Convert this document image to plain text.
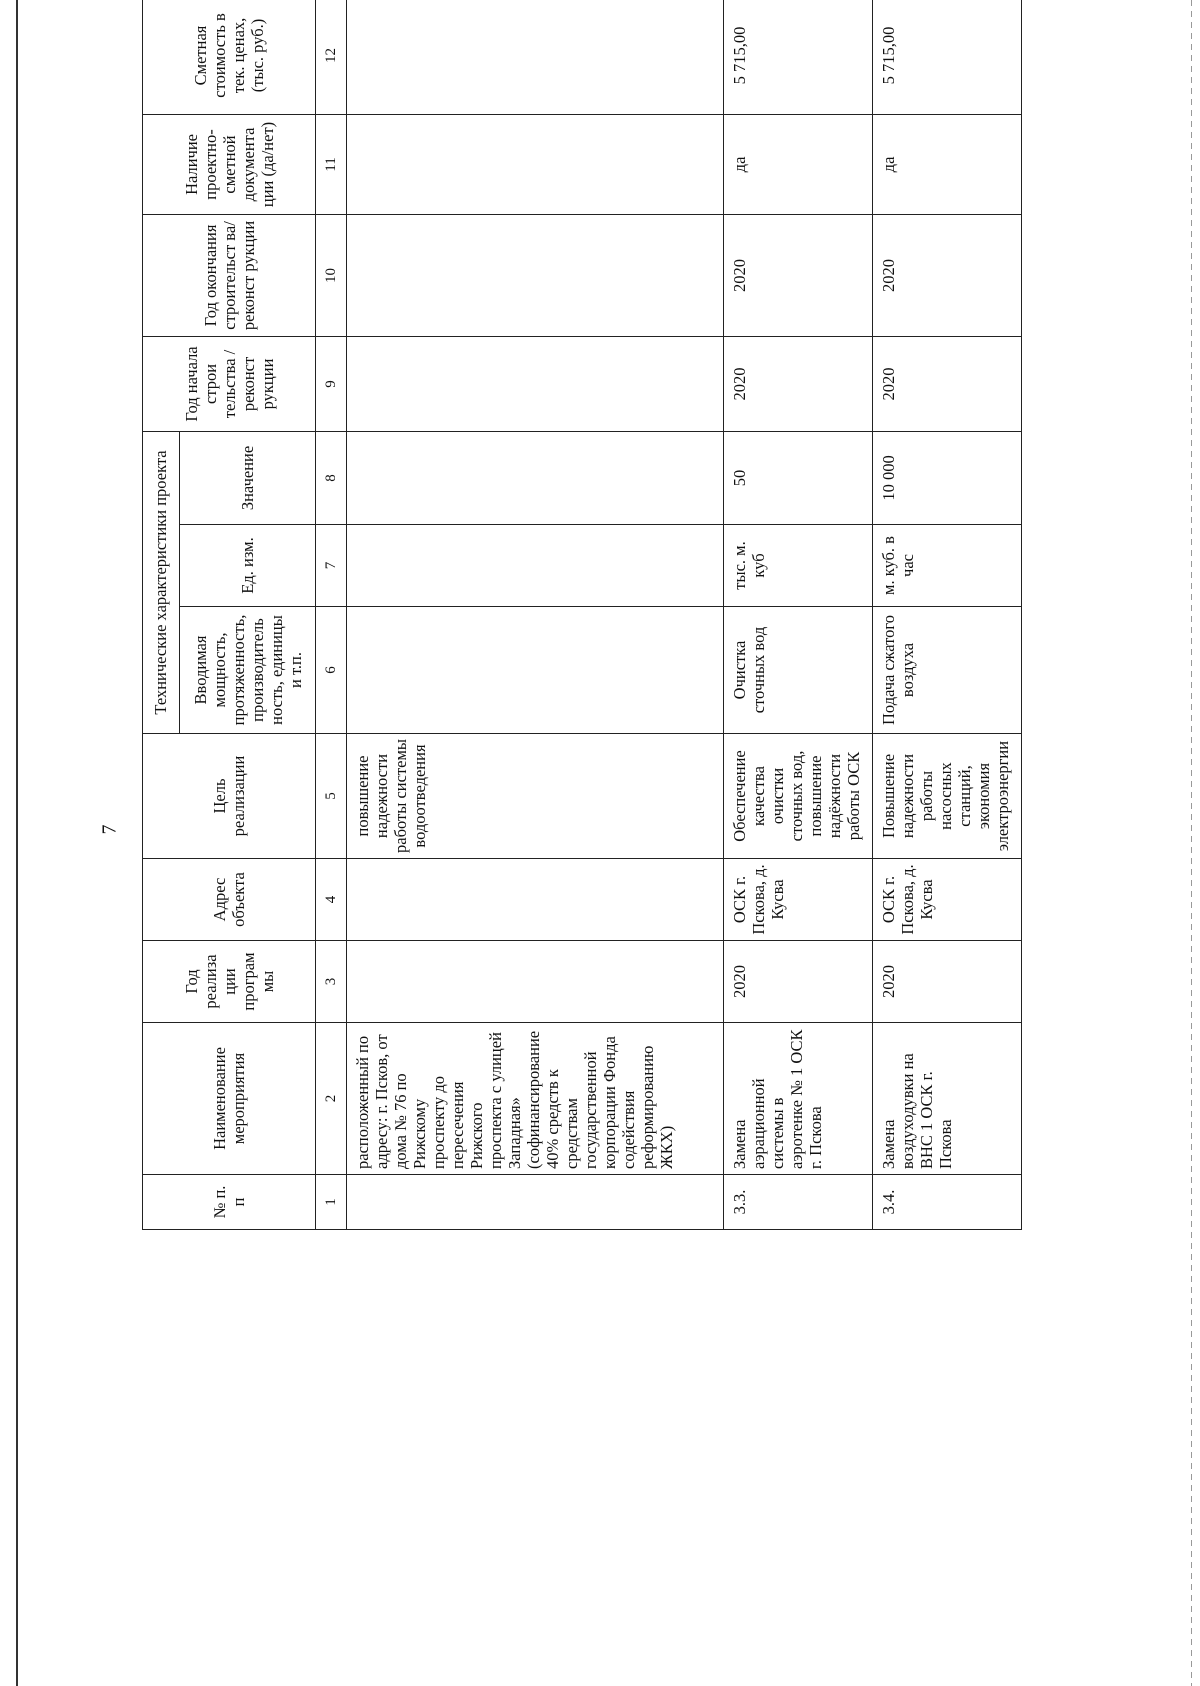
7
№ п. п	Наименование мероприятия	Год реализа ции програм мы	Адрес объекта	Цель реализации	Технические характеристики проекта			Год начала строи тельства /реконст рукции	Год окончания строительст ва/реконст рукции	Наличие проектно-сметной документа ции (да/нет)	Сметная стоимость в тек. ценах, (тыс. руб.)
					Вводимая мощность, протяженность, производитель ность, единицы и т.п.	Ед. изм.	Значение				
1	2	3	4	5	6	7	8	9	10	11	12
	расположенный по адресу: г. Псков, от дома № 76 по Рижскому проспекту до пересечения Рижского проспекта с улицей Западная» (софинансирование 40% средств к средствам государственной корпорации Фонда содействия реформированию ЖКХ)			повышение надежности работы системы водоотведения							
3.3.	Замена аэрационной системы в аэротенке № 1 ОСК г. Пскова	2020	ОСК г. Пскова, д. Кусва	Обеспечение качества очистки сточных вод, повышение надёжности работы ОСК	Очистка сточных вод	тыс. м. куб	50	2020	2020	да	5 715,00
3.4.	Замена воздуходувки на ВНС 1 ОСК г. Пскова	2020	ОСК г. Пскова, д. Кусва	Повышение надежности работы насосных станций, экономия электроэнергии	Подача сжатого воздуха	м. куб. в час	10 000	2020	2020	да	5 715,00
